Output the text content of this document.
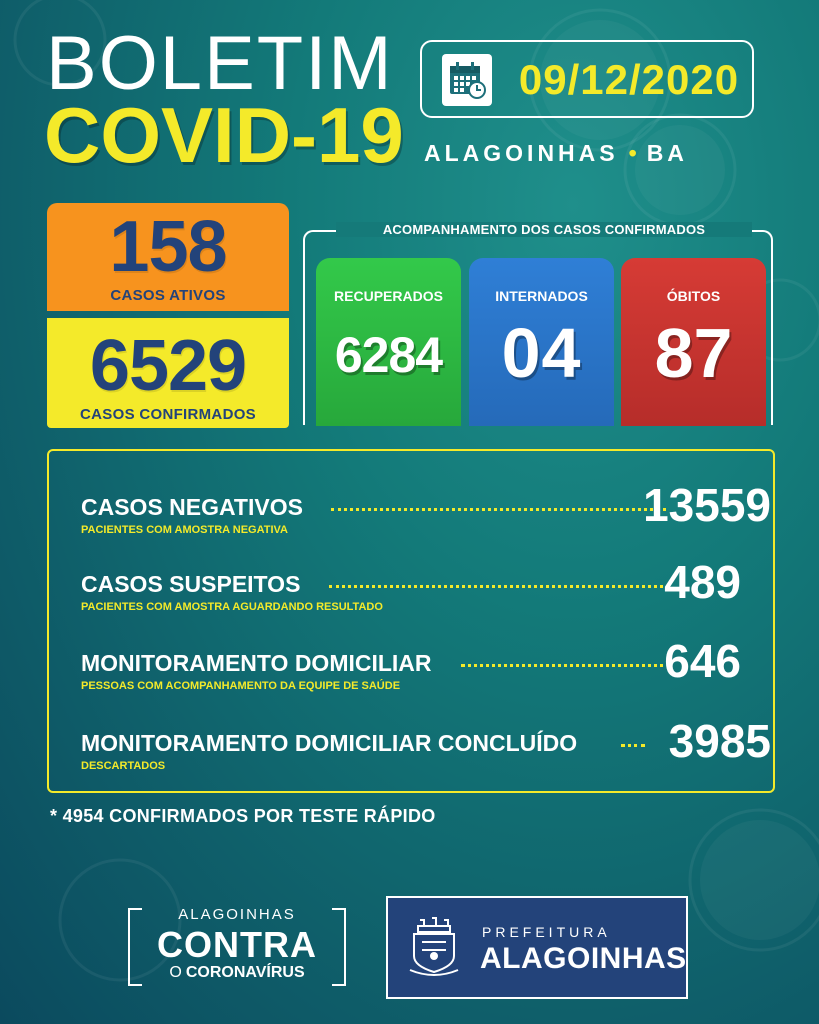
BOLETIM
COVID-19
09/12/2020
ALAGOINHAS • BA
158
CASOS ATIVOS
6529
CASOS CONFIRMADOS
ACOMPANHAMENTO DOS CASOS CONFIRMADOS
RECUPERADOS
6284
INTERNADOS
04
ÓBITOS
87
CASOS NEGATIVOS	13559
PACIENTES COM AMOSTRA NEGATIVA
CASOS SUSPEITOS	489
PACIENTES COM AMOSTRA AGUARDANDO RESULTADO
MONITORAMENTO DOMICILIAR	646
PESSOAS COM ACOMPANHAMENTO DA EQUIPE DE SAÚDE
MONITORAMENTO DOMICILIAR CONCLUÍDO 3985
DESCARTADOS
* 4954 CONFIRMADOS POR TESTE RÁPIDO
ALAGOINHAS
CONTRA
O CORONAVÍRUS
PREFEITURA
ALAGOINHAS
